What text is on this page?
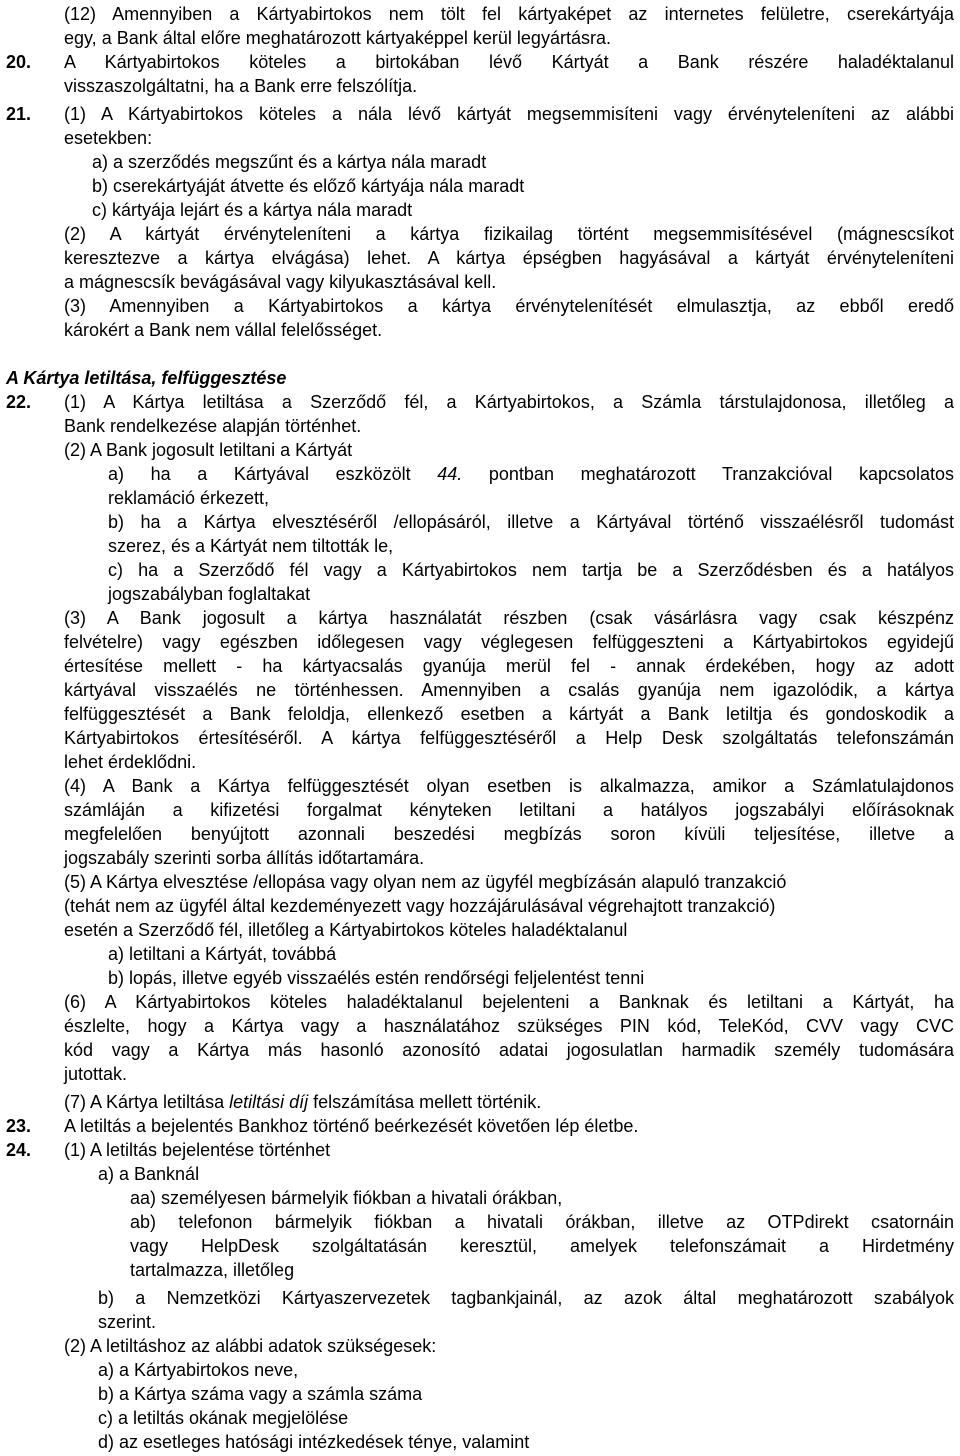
(12) Amennyiben a Kártyabirtokos nem tölt fel kártyaképet az internetes felületre, cserekártyája

egy, a Bank által előre meghatározott kártyaképpel kerül legyártásra.

20. A Kártyabirtokos köteles a birtokában lévő Kártyát a Bank részére haladéktalanul

visszaszolgáltatni, ha a Bank erre felszólítja.

21. (1) A Kártyabirtokos köteles a nála lévő kártyát megsemmisíteni vagy érvényteleníteni az alábbi

esetekben:

a) a szerződés megszűnt és a kártya nála maradt

b) cserekártyáját átvette és előző kártyája nála maradt

c) kártyája lejárt és a kártya nála maradt

(2) A kártyát érvényteleníteni a kártya fizikailag történt megsemmisítésével (mágnescsíkot

keresztezve a kártya elvágása) lehet. A kártya épségben hagyásával a kártyát érvényteleníteni

a mágnescsík bevágásával vagy kilyukasztásával kell.

(3) Amennyiben a Kártyabirtokos a kártya érvénytelenítését elmulasztja, az ebből eredő

károkért a Bank nem vállal felelősséget.

A Kártya letiltása, felfüggesztése

22. (1) A Kártya letiltása a Szerződő fél, a Kártyabirtokos, a Számla társtulajdonosa, illetőleg a

Bank rendelkezése alapján történhet.

(2) A Bank jogosult letiltani a Kártyát

a) ha a Kártyával eszközölt 44. pontban meghatározott Tranzakcióval kapcsolatos

reklamáció érkezett,

b) ha a Kártya elvesztéséről /ellopásáról, illetve a Kártyával történő visszaélésről tudomást

szerez, és a Kártyát nem tiltották le,

c) ha a Szerződő fél vagy a Kártyabirtokos nem tartja be a Szerződésben és a hatályos

jogszabályban foglaltakat

(3) A Bank jogosult a kártya használatát részben (csak vásárlásra vagy csak készpénz

felvételre) vagy egészben időlegesen vagy véglegesen felfüggeszteni a Kártyabirtokos egyidejű

értesítése mellett - ha kártyacsalás gyanúja merül fel - annak érdekében, hogy az adott

kártyával visszaélés ne történhessen. Amennyiben a csalás gyanúja nem igazolódik, a kártya

felfüggesztését a Bank feloldja, ellenkező esetben a kártyát a Bank letiltja és gondoskodik a

Kártyabirtokos értesítéséről. A kártya felfüggesztéséről a Help Desk szolgáltatás telefonszámán

lehet érdeklődni.

(4) A Bank a Kártya felfüggesztését olyan esetben is alkalmazza, amikor a Számlatulajdonos

számláján a kifizetési forgalmat kényteken letiltani a hatályos jogszabályi előírásoknak

megfelelően benyújtott azonnali beszedési megbízás soron kívüli teljesítése, illetve a

jogszabály szerinti sorba állítás időtartamára.

(5) A Kártya elvesztése /ellopása vagy olyan nem az ügyfél megbízásán alapuló tranzakció

(tehát nem az ügyfél által kezdeményezett vagy hozzájárulásával végrehajtott tranzakció)

esetén a Szerződő fél, illetőleg a Kártyabirtokos köteles haladéktalanul

a) letiltani a Kártyát, továbbá

b) lopás, illetve egyéb visszaélés estén rendőrségi feljelentést tenni

(6) A Kártyabirtokos köteles haladéktalanul bejelenteni a Banknak és letiltani a Kártyát, ha

észlelte, hogy a Kártya vagy a használatához szükséges PIN kód, TeleKód, CVV vagy CVC

kód vagy a Kártya más hasonló azonosító adatai jogosulatlan harmadik személy tudomására

jutottak.

(7) A Kártya letiltása letiltási díj felszámítása mellett történik.

23. A letiltás a bejelentés Bankhoz történő beérkezését követően lép életbe.

24. (1) A letiltás bejelentése történhet

a) a Banknál

aa) személyesen bármelyik fiókban a hivatali órákban,

ab) telefonon bármelyik fiókban a hivatali órákban, illetve az OTPdirekt csatornáin

vagy HelpDesk szolgáltatásán keresztül, amelyek telefonszámait a Hirdetmény

tartalmazza, illetőleg

b) a Nemzetközi Kártyaszervezetek tagbankjainál, az azok által meghatározott szabályok

szerint.

(2) A letiltáshoz az alábbi adatok szükségesek:

a) a Kártyabirtokos neve,

b) a Kártya száma vagy a számla száma

c) a letiltás okának megjelölése

d) az esetleges hatósági intézkedések ténye, valamint
